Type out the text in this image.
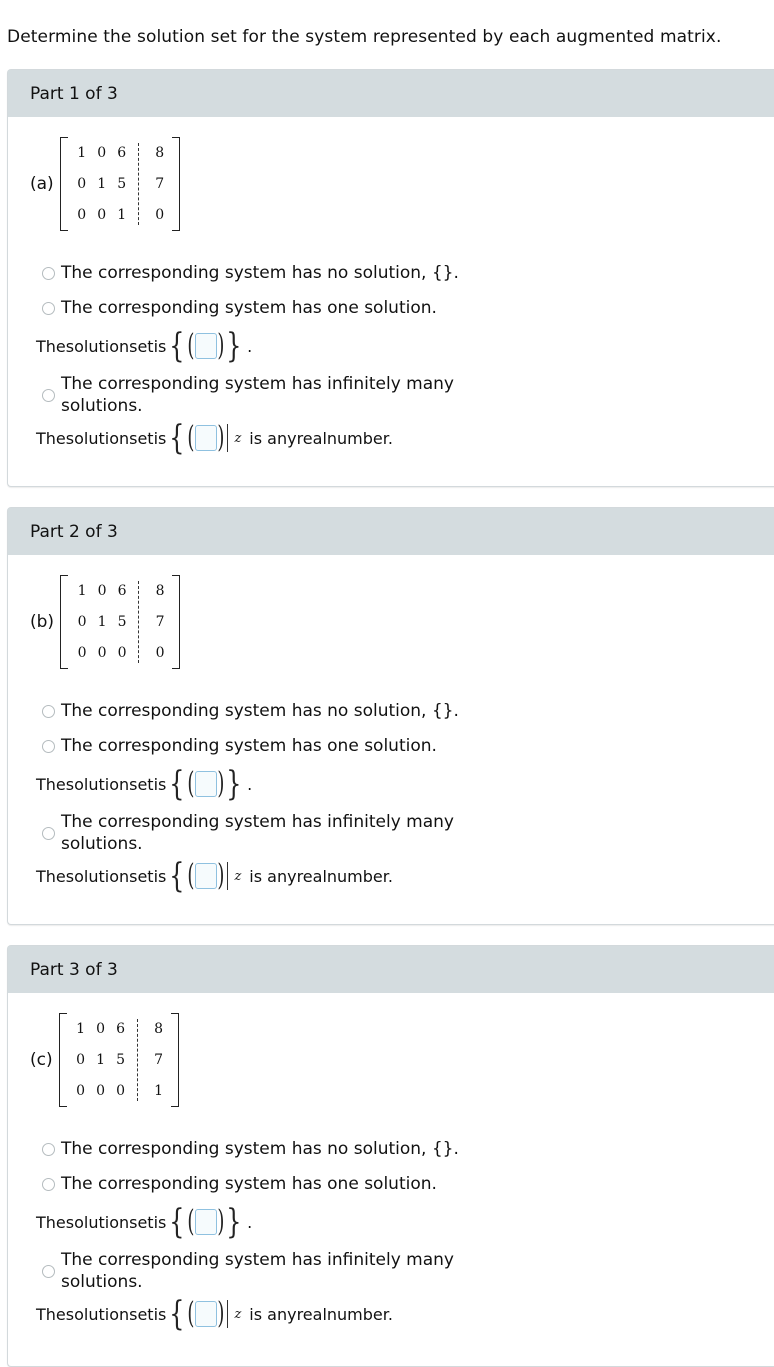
Determine the solution set for the system represented by each augmented matrix.
Part 1 of 3
(a)
1 0 6
0 1 5
0 0 1
8
7
0
The corresponding system has no solution, {}.
The corresponding system has one solution.
Thesolutionsetis { ( ) } .
The corresponding system has infinitely many solutions.
Thesolutionsetis { ( ) z is anyrealnumber.
Part 2 of 3
(b)
1 0 6
0 1 5
0 0 0
8
7
0
The corresponding system has no solution, {}.
The corresponding system has one solution.
Thesolutionsetis { ( ) } .
The corresponding system has infinitely many solutions.
Thesolutionsetis { ( ) z is anyrealnumber.
Part 3 of 3
(c)
1 0 6
0 1 5
0 0 0
8
7
1
The corresponding system has no solution, {}.
The corresponding system has one solution.
Thesolutionsetis { ( ) } .
The corresponding system has infinitely many solutions.
Thesolutionsetis { ( ) z is anyrealnumber.
